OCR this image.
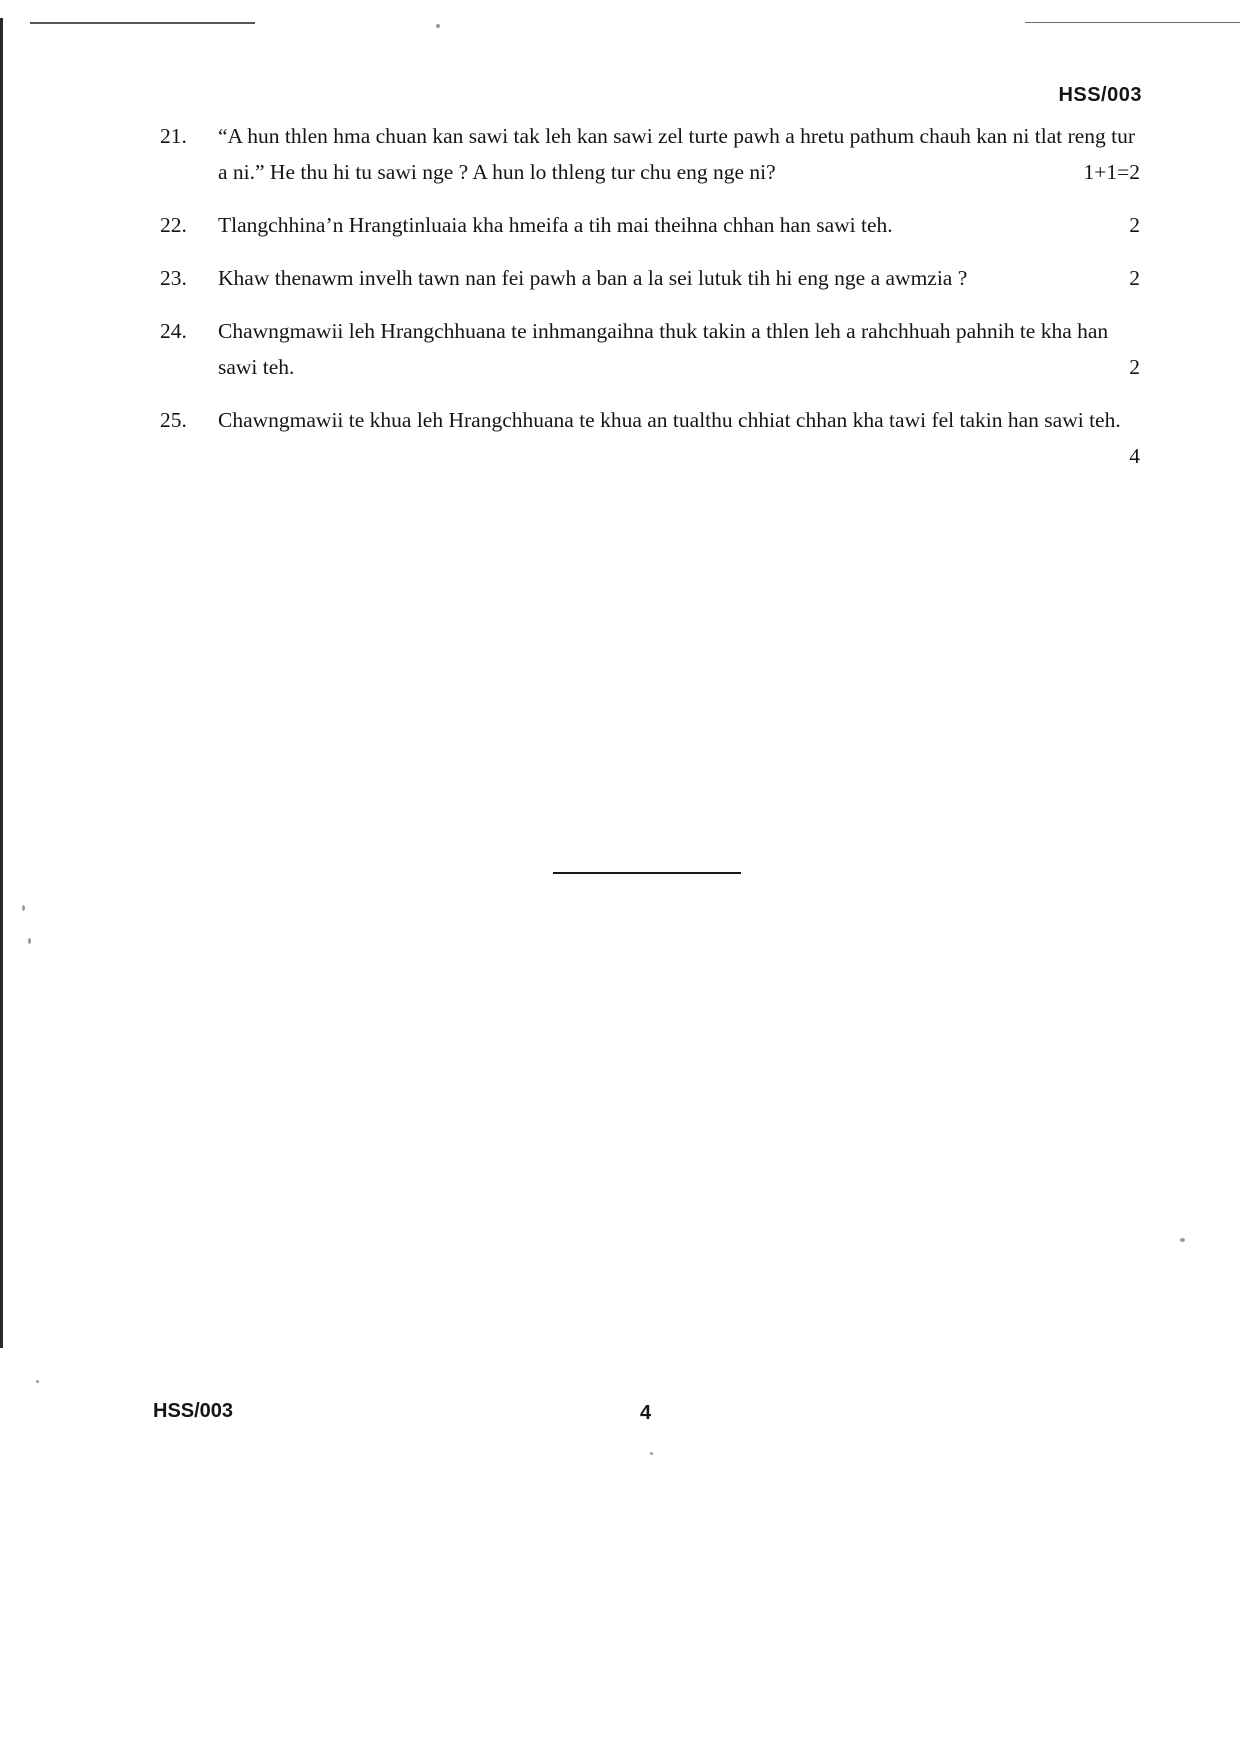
HSS/003
21. “A hun thlen hma chuan kan sawi tak leh kan sawi zel turte pawh a hretu pathum chauh kan ni tlat reng tur a ni.” He thu hi tu sawi nge ? A hun lo thleng tur chu eng nge ni?	1+1=2
22.	2
Tlangchhina’n Hrangtinluaia kha hmeifa a tih mai theihna chhan han sawi teh.
23.	2
Khaw thenawm invelh tawn nan fei pawh a ban a la sei lutuk tih hi eng nge a awmzia ?
24. Chawngmawii leh Hrangchhuana te inhmangaihna thuk takin a thlen leh a rahchhuah pahnih te kha han sawi teh.	2
25. Chawngmawii te khua leh Hrangchhuana te khua an tualthu chhiat chhan kha tawi fel takin han sawi teh.
4
HSS/003	4
